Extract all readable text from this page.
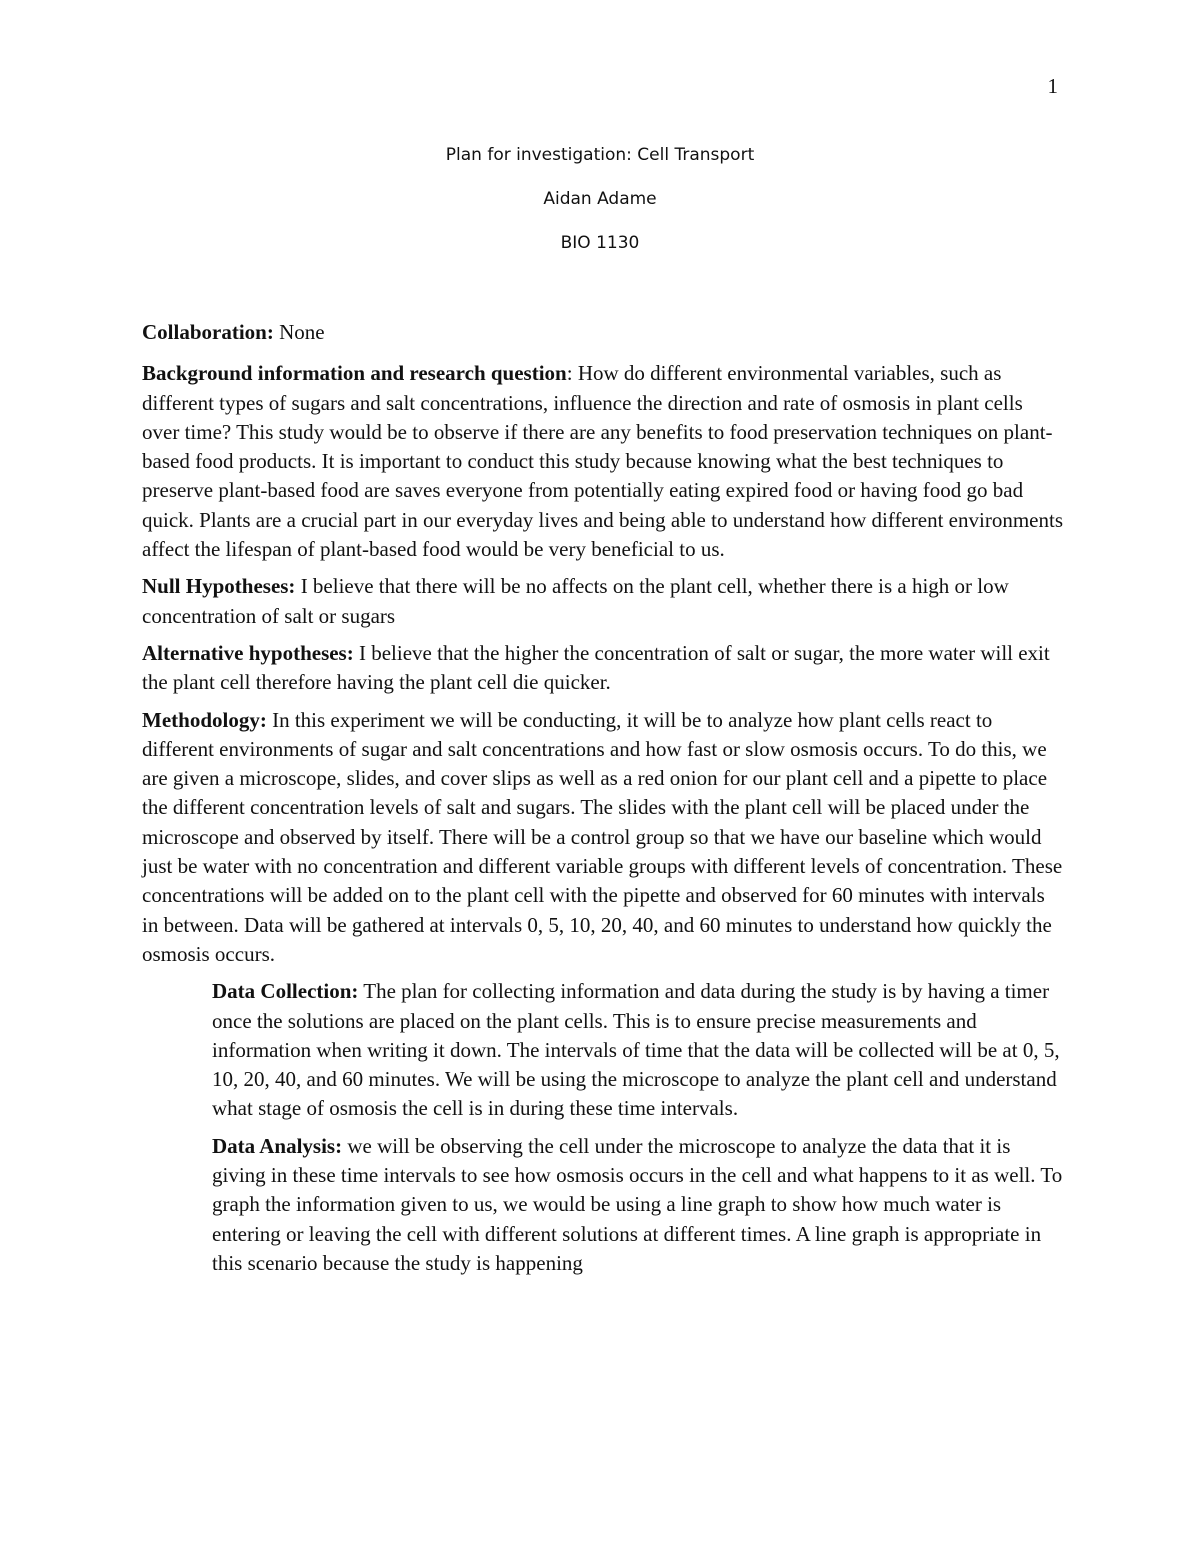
1
Plan for investigation: Cell Transport
Aidan Adame
BIO 1130

Collaboration: None

Background information and research question: How do different environmental variables, such as different types of sugars and salt concentrations, influence the direction and rate of osmosis in plant cells over time? This study would be to observe if there are any benefits to food preservation techniques on plant-based food products. It is important to conduct this study because knowing what the best techniques to preserve plant-based food are saves everyone from potentially eating expired food or having food go bad quick. Plants are a crucial part in our everyday lives and being able to understand how different environments affect the lifespan of plant-based food would be very beneficial to us.

Null Hypotheses: I believe that there will be no affects on the plant cell, whether there is a high or low concentration of salt or sugars

Alternative hypotheses: I believe that the higher the concentration of salt or sugar, the more water will exit the plant cell therefore having the plant cell die quicker.

Methodology: In this experiment we will be conducting, it will be to analyze how plant cells react to different environments of sugar and salt concentrations and how fast or slow osmosis occurs. To do this, we are given a microscope, slides, and cover slips as well as a red onion for our plant cell and a pipette to place the different concentration levels of salt and sugars. The slides with the plant cell will be placed under the microscope and observed by itself. There will be a control group so that we have our baseline which would just be water with no concentration and different variable groups with different levels of concentration. These concentrations will be added on to the plant cell with the pipette and observed for 60 minutes with intervals in between. Data will be gathered at intervals 0, 5, 10, 20, 40, and 60 minutes to understand how quickly the osmosis occurs.

Data Collection: The plan for collecting information and data during the study is by having a timer once the solutions are placed on the plant cells. This is to ensure precise measurements and information when writing it down. The intervals of time that the data will be collected will be at 0, 5, 10, 20, 40, and 60 minutes. We will be using the microscope to analyze the plant cell and understand what stage of osmosis the cell is in during these time intervals.

Data Analysis: we will be observing the cell under the microscope to analyze the data that it is giving in these time intervals to see how osmosis occurs in the cell and what happens to it as well. To graph the information given to us, we would be using a line graph to show how much water is entering or leaving the cell with different solutions at different times. A line graph is appropriate in this scenario because the study is happening
